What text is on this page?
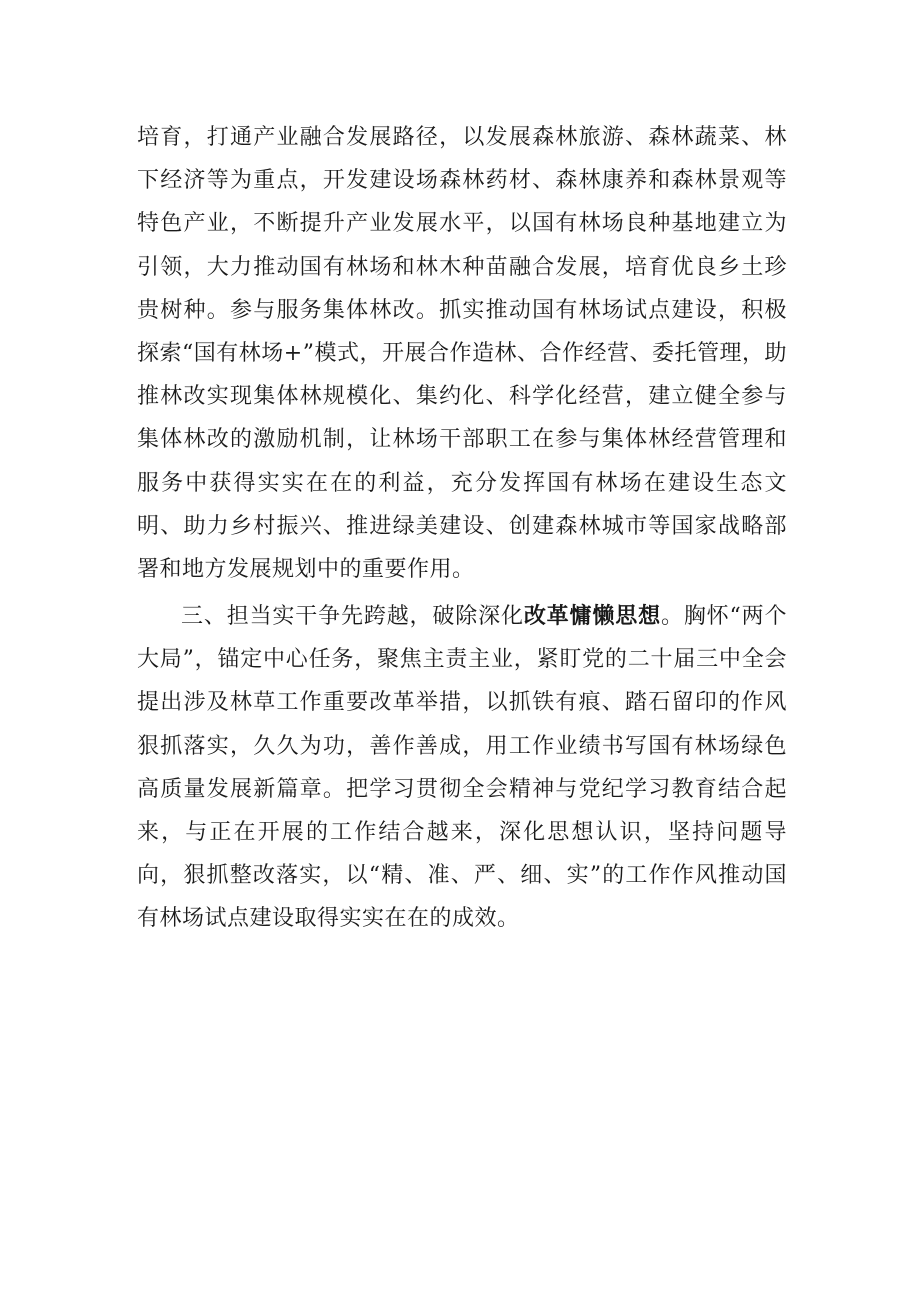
培育，打通产业融合发展路径，以发展森林旅游、森林蔬菜、林下经济等为重点，开发建设场森林药材、森林康养和森林景观等特色产业，不断提升产业发展水平，以国有林场良种基地建立为引领，大力推动国有林场和林木种苗融合发展，培育优良乡土珍贵树种。参与服务集体林改。抓实推动国有林场试点建设，积极探索“国有林场+”模式，开展合作造林、合作经营、委托管理，助推林改实现集体林规模化、集约化、科学化经营，建立健全参与集体林改的激励机制，让林场干部职工在参与集体林经营管理和服务中获得实实在在的利益，充分发挥国有林场在建设生态文明、助力乡村振兴、推进绿美建设、创建森林城市等国家战略部署和地方发展规划中的重要作用。

三、担当实干争先跨越，破除深化改革慵懒思想。胸怀“两个大局”，锚定中心任务，聚焦主责主业，紧盯党的二十届三中全会提出涉及林草工作重要改革举措，以抓铁有痕、踏石留印的作风狠抓落实，久久为功，善作善成，用工作业绩书写国有林场绿色高质量发展新篇章。把学习贯彻全会精神与党纪学习教育结合起来，与正在开展的工作结合越来，深化思想认识，坚持问题导向，狠抓整改落实，以“精、准、严、细、实”的工作作风推动国有林场试点建设取得实实在在的成效。
